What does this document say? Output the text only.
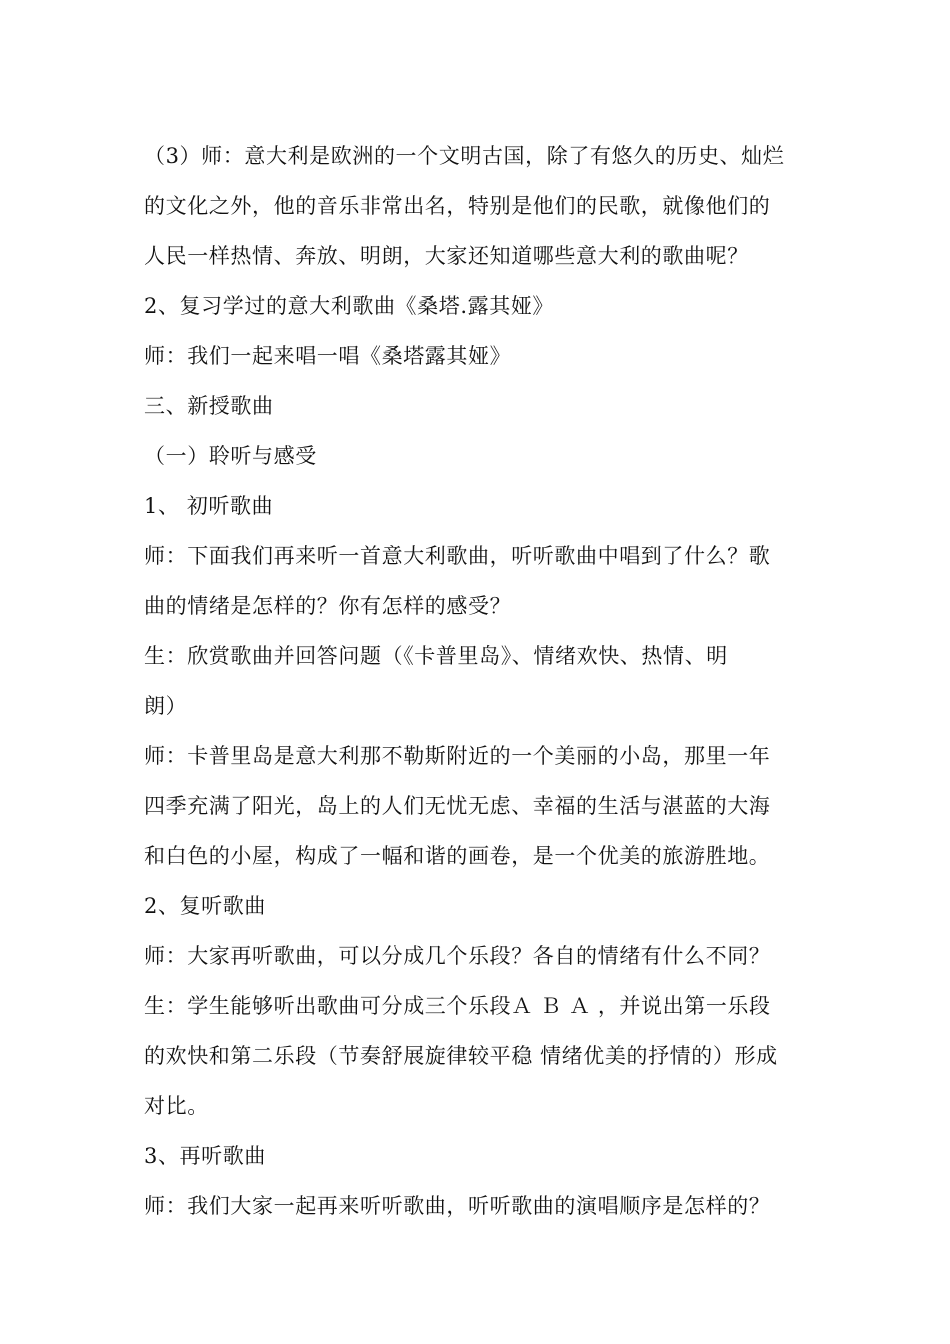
（3）师：意大利是欧洲的一个文明古国，除了有悠久的历史、灿烂
的文化之外，他的音乐非常出名，特别是他们的民歌，就像他们的
人民一样热情、奔放、明朗，大家还知道哪些意大利的歌曲呢？
2、复习学过的意大利歌曲《桑塔.露其娅》
师：我们一起来唱一唱《桑塔露其娅》
三、新授歌曲
（一）聆听与感受
1、 初听歌曲
师：下面我们再来听一首意大利歌曲，听听歌曲中唱到了什么？歌
曲的情绪是怎样的？你有怎样的感受？
生：欣赏歌曲并回答问题（《卡普里岛》、情绪欢快、热情、明
朗）
师：卡普里岛是意大利那不勒斯附近的一个美丽的小岛，那里一年
四季充满了阳光，岛上的人们无忧无虑、幸福的生活与湛蓝的大海
和白色的小屋，构成了一幅和谐的画卷，是一个优美的旅游胜地。
2、复听歌曲
师：大家再听歌曲，可以分成几个乐段？各自的情绪有什么不同？
生：学生能够听出歌曲可分成三个乐段Ａ Ｂ Ａ ，并说出第一乐段
的欢快和第二乐段（节奏舒展旋律较平稳 情绪优美的抒情的）形成
对比。
3、再听歌曲
师：我们大家一起再来听听歌曲，听听歌曲的演唱顺序是怎样的？
